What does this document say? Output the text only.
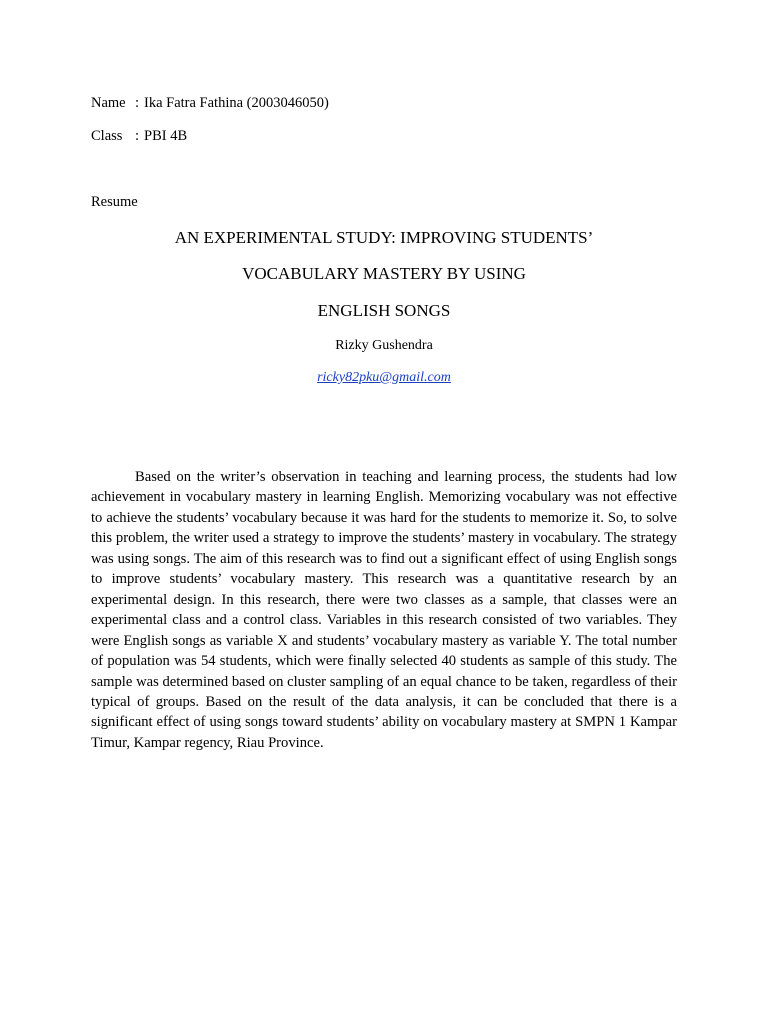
Name : Ika Fatra Fathina (2003046050)
Class : PBI 4B
Resume
AN EXPERIMENTAL STUDY: IMPROVING STUDENTS’
VOCABULARY MASTERY BY USING
ENGLISH SONGS
Rizky Gushendra
ricky82pku@gmail.com

Based on the writer’s observation in teaching and learning process, the students had low achievement in vocabulary mastery in learning English. Memorizing vocabulary was not effective to achieve the students’ vocabulary because it was hard for the students to memorize it. So, to solve this problem, the writer used a strategy to improve the students’ mastery in vocabulary. The strategy was using songs. The aim of this research was to find out a significant effect of using English songs to improve students’ vocabulary mastery. This research was a quantitative research by an experimental design. In this research, there were two classes as a sample, that classes were an experimental class and a control class. Variables in this research consisted of two variables. They were English songs as variable X and students’ vocabulary mastery as variable Y. The total number of population was 54 students, which were finally selected 40 students as sample of this study. The sample was determined based on cluster sampling of an equal chance to be taken, regardless of their typical of groups. Based on the result of the data analysis, it can be concluded that there is a significant effect of using songs toward students’ ability on vocabulary mastery at SMPN 1 Kampar Timur, Kampar regency, Riau Province.
